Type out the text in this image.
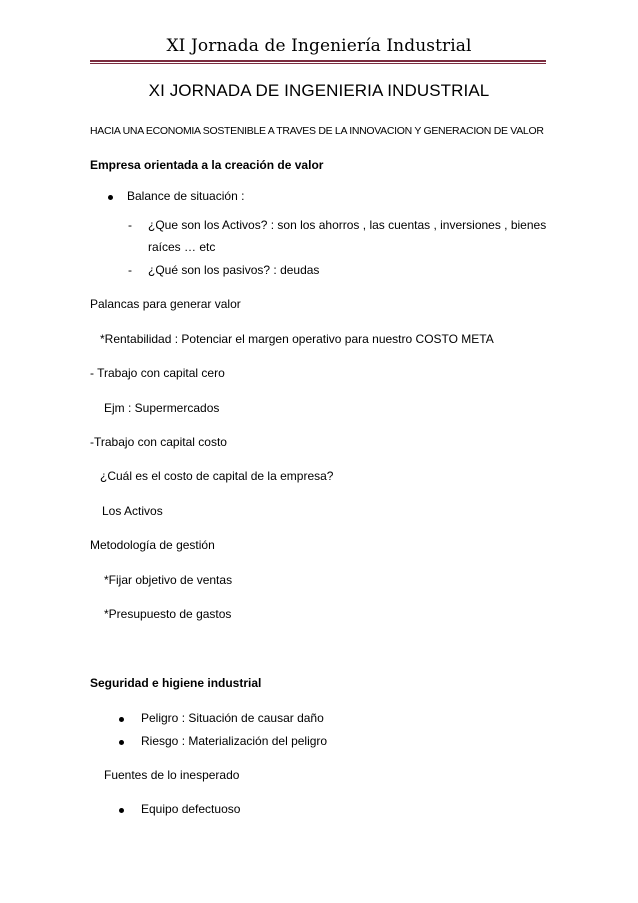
XI Jornada de Ingeniería Industrial
XI JORNADA DE INGENIERIA INDUSTRIAL
HACIA UNA ECONOMIA SOSTENIBLE A TRAVES DE LA INNOVACION Y GENERACION DE VALOR
Empresa orientada a la creación de valor
Balance de situación :
- ¿Que son los Activos? : son los ahorros , las cuentas , inversiones , bienes
raíces … etc
- ¿Qué son los pasivos? : deudas
Palancas para generar valor
*Rentabilidad : Potenciar el margen operativo para nuestro COSTO META
- Trabajo con capital cero
Ejm : Supermercados
-Trabajo con capital costo
¿Cuál es el costo de capital de la empresa?
Los Activos
Metodología de gestión
*Fijar objetivo de ventas
*Presupuesto de gastos
Seguridad e higiene industrial
Peligro : Situación de causar daño
Riesgo : Materialización del peligro
Fuentes de lo inesperado
Equipo defectuoso
